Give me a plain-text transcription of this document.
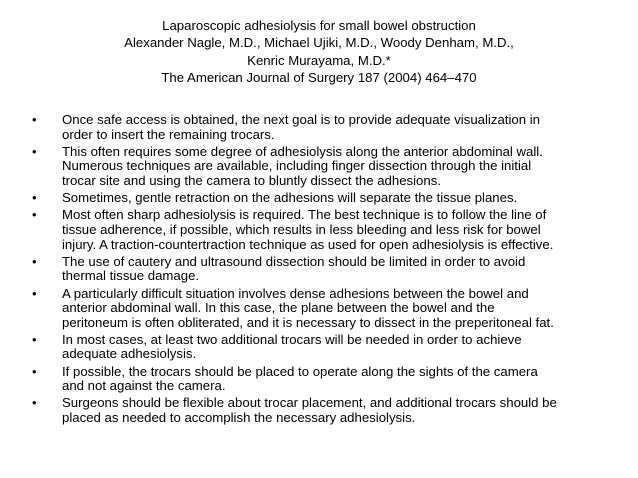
Laparoscopic adhesiolysis for small bowel obstruction
Alexander Nagle, M.D., Michael Ujiki, M.D., Woody Denham, M.D.,
Kenric Murayama, M.D.*
The American Journal of Surgery 187 (2004) 464–470
• Once safe access is obtained, the next goal is to provide adequate visualization in
order to insert the remaining trocars.
• This often requires some degree of adhesiolysis along the anterior abdominal wall.
Numerous techniques are available, including finger dissection through the initial
trocar site and using the camera to bluntly dissect the adhesions.
• Sometimes, gentle retraction on the adhesions will separate the tissue planes.
• Most often sharp adhesiolysis is required. The best technique is to follow the line of
tissue adherence, if possible, which results in less bleeding and less risk for bowel
injury. A traction-countertraction technique as used for open adhesiolysis is effective.
• The use of cautery and ultrasound dissection should be limited in order to avoid
thermal tissue damage.
• A particularly difficult situation involves dense adhesions between the bowel and
anterior abdominal wall. In this case, the plane between the bowel and the
peritoneum is often obliterated, and it is necessary to dissect in the preperitoneal fat.
• In most cases, at least two additional trocars will be needed in order to achieve
adequate adhesiolysis.
• If possible, the trocars should be placed to operate along the sights of the camera
and not against the camera.
• Surgeons should be flexible about trocar placement, and additional trocars should be
placed as needed to accomplish the necessary adhesiolysis.
